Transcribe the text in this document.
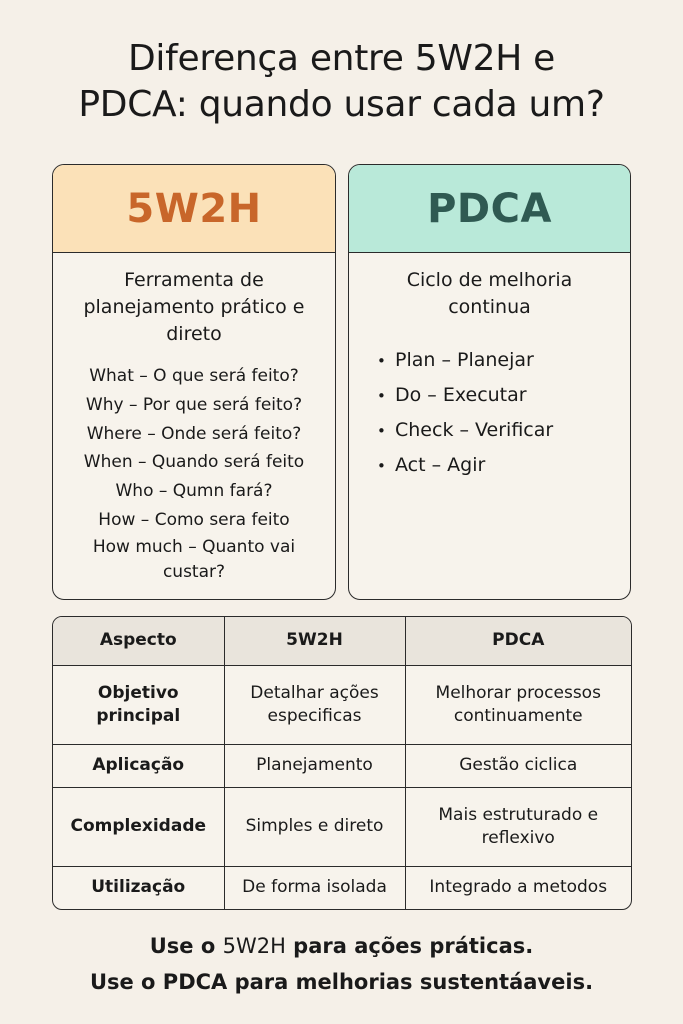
Diferença entre 5W2H e
PDCA: quando usar cada um?
5W2H
Ferramenta de planejamento prático e direto
What – O que será feito?
Why – Por que será feito?
Where – Onde será feito?
When – Quando será feito
Who – Qumn fará?
How – Como sera feito
How much – Quanto vai custar?
PDCA
Ciclo de melhoria continua
• Plan – Planejar
• Do – Executar
• Check – Verificar
• Act – Agir
Aspecto	5W2H	PDCA
Objetivo principal	Detalhar ações especificas	Melhorar processos continuamente
Aplicação	Planejamento	Gestão ciclica
Complexidade	Simples e direto	Mais estruturado e reflexivo
Utilização	De forma isolada	Integrado a metodos
Use o 5W2H para ações práticas.
Use o PDCA para melhorias sustentáaveis.
